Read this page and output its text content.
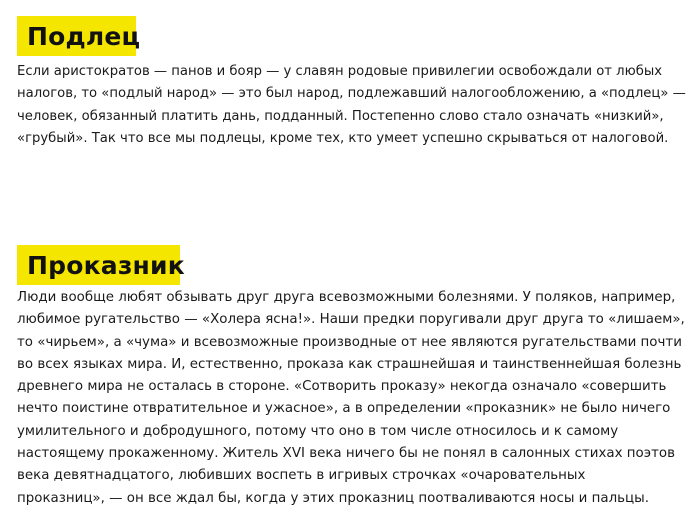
Подлец

Если аристократов — панов и бояр — у славян родовые привилегии освобождали от любых
налогов, то «подлый народ» — это был народ, подлежавший налогообложению, а «подлец» —
человек, обязанный платить дань, подданный. Постепенно слово стало означать «низкий»,
«грубый». Так что все мы подлецы, кроме тех, кто умеет успешно скрываться от налоговой.

Проказник

Люди вообще любят обзывать друг друга всевозможными болезнями. У поляков, например,
любимое ругательство — «Холера ясна!». Наши предки поругивали друг друга то «лишаем»,
то «чирьем», а «чума» и всевозможные производные от нее являются ругательствами почти
во всех языках мира. И, естественно, проказа как страшнейшая и таинственнейшая болезнь
древнего мира не осталась в стороне. «Сотворить проказу» некогда означало «совершить
нечто поистине отвратительное и ужасное», а в определении «проказник» не было ничего
умилительного и добродушного, потому что оно в том числе относилось и к самому
настоящему прокаженному. Житель XVI века ничего бы не понял в салонных стихах поэтов
века девятнадцатого, любивших воспеть в игривых строчках «очаровательных
проказниц», — он все ждал бы, когда у этих проказниц поотваливаются носы и пальцы.
